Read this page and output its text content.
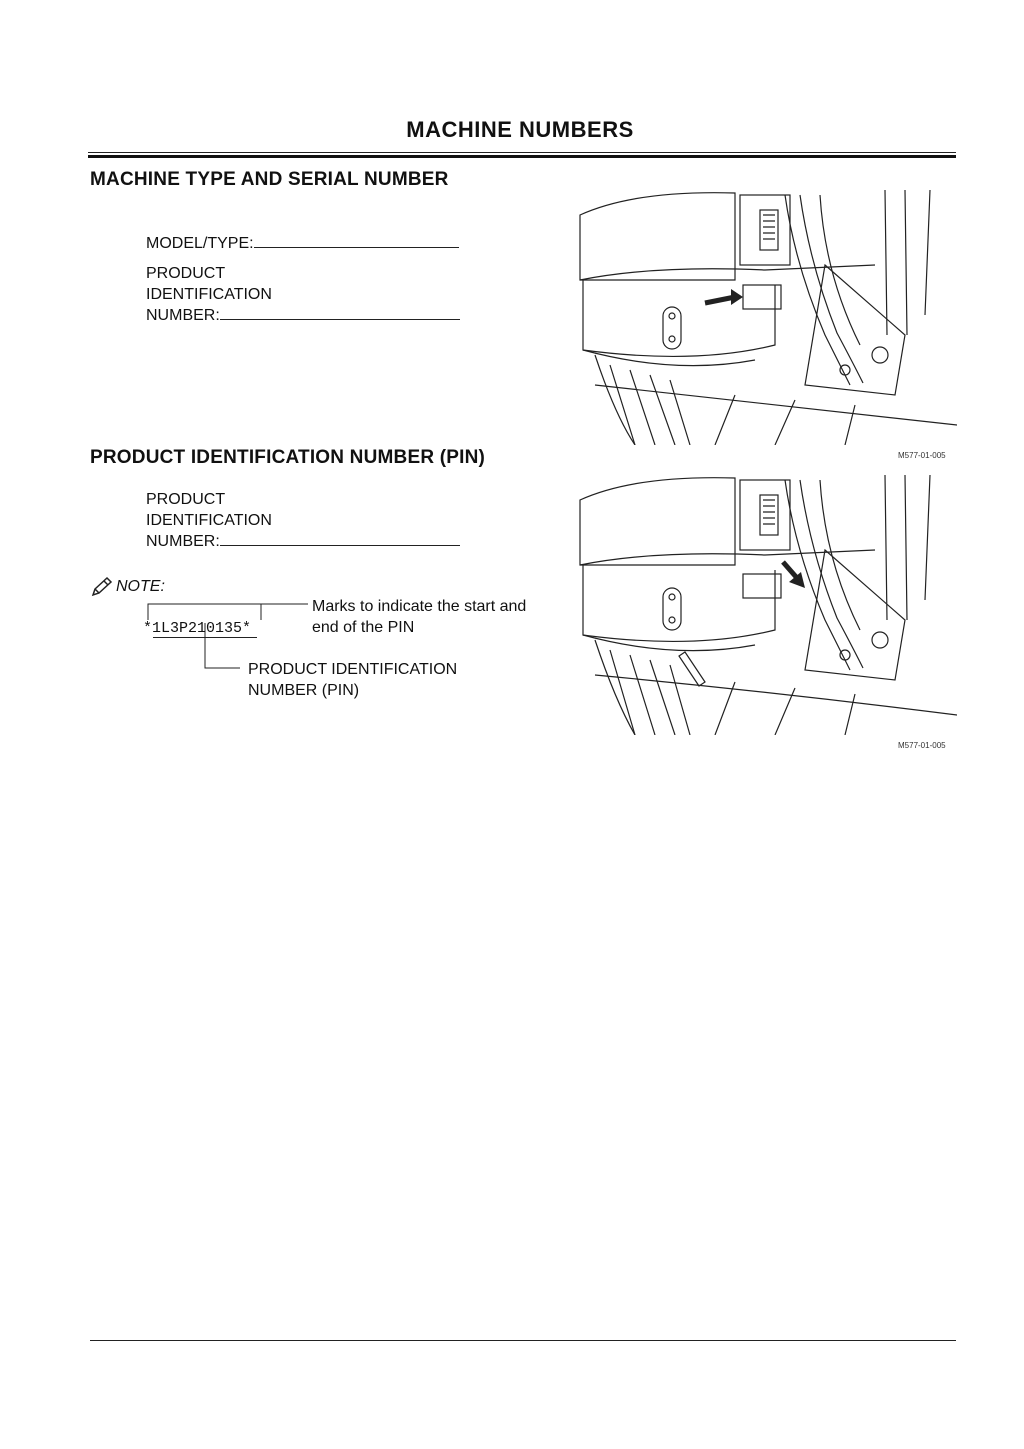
MACHINE NUMBERS
MACHINE TYPE AND SERIAL NUMBER
MODEL/TYPE:
PRODUCT
IDENTIFICATION
NUMBER:
M577-01-005
PRODUCT IDENTIFICATION NUMBER (PIN)
PRODUCT
IDENTIFICATION
NUMBER:
NOTE:
*1L3P210135*
Marks to indicate the start and
end of the PIN
PRODUCT IDENTIFICATION
NUMBER (PIN)
M577-01-005
